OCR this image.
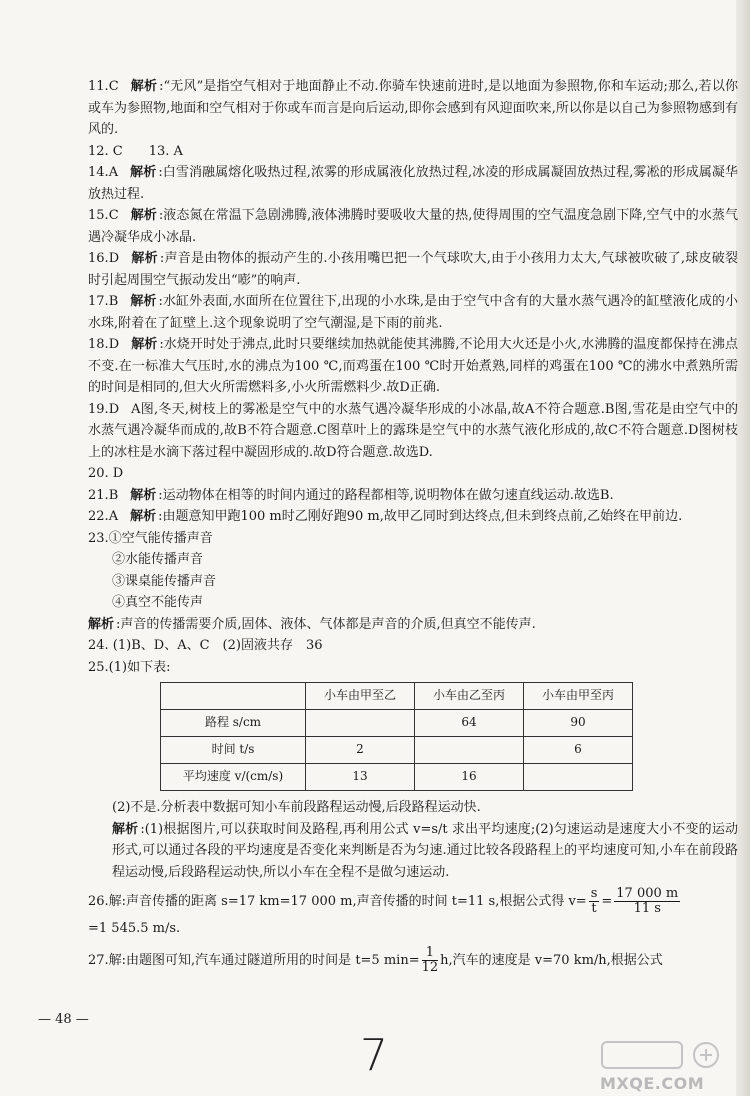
11.C 解析 :“无风”是指空气相对于地面静止不动.你骑车快速前进时,是以地面为参照物,你和车运动;那么,若以你或车为参照物,地面和空气相对于你或车而言是向后运动,即你会感到有风迎面吹来,所以你是以自己为参照物感到有风的.

12. C　　13. A

14.A 解析 :白雪消融属熔化吸热过程,浓雾的形成属液化放热过程,冰凌的形成属凝固放热过程,雾凇的形成属凝华放热过程.

15.C 解析 :液态氮在常温下急剧沸腾,液体沸腾时要吸收大量的热,使得周围的空气温度急剧下降,空气中的水蒸气遇冷凝华成小冰晶.

16.D 解析 :声音是由物体的振动产生的.小孩用嘴巴把一个气球吹大,由于小孩用力太大,气球被吹破了,球皮破裂时引起周围空气振动发出“嘭”的响声.

17.B 解析 :水缸外表面,水面所在位置往下,出现的小水珠,是由于空气中含有的大量水蒸气遇冷的缸壁液化成的小水珠,附着在了缸壁上.这个现象说明了空气潮湿,是下雨的前兆.

18.D 解析 :水烧开时处于沸点,此时只要继续加热就能使其沸腾,不论用大火还是小火,水沸腾的温度都保持在沸点不变.在一标准大气压时,水的沸点为100 ℃,而鸡蛋在100 ℃时开始煮熟,同样的鸡蛋在100 ℃的沸水中煮熟所需的时间是相同的,但大火所需燃料多,小火所需燃料少.故D正确.

19.D A图,冬天,树枝上的雾凇是空气中的水蒸气遇冷凝华形成的小冰晶,故A不符合题意.B图,雪花是由空气中的水蒸气遇冷凝华而成的,故B不符合题意.C图草叶上的露珠是空气中的水蒸气液化形成的,故C不符合题意.D图树枝上的冰柱是水滴下落过程中凝固形成的.故D符合题意.故选D.

20. D

21.B 解析 :运动物体在相等的时间内通过的路程都相等,说明物体在做匀速直线运动.故选B.

22.A 解析 :由题意知甲跑100 m时乙刚好跑90 m,故甲乙同时到达终点,但未到终点前,乙始终在甲前边.

23.①空气能传播声音
②水能传播声音
③课桌能传播声音
④真空不能传声
解析 :声音的传播需要介质,固体、液体、气体都是声音的介质,但真空不能传声.

24. (1)B、D、A、C　(2)固液共存　36

25.(1)如下表:
	小车由甲至乙	小车由乙至丙	小车由甲至丙
路程 s/cm		64	90
时间 t/s	2		6
平均速度 v/(cm/s)	13	16	
(2)不是.分析表中数据可知小车前段路程运动慢,后段路程运动快.
解析 :(1)根据图片,可以获取时间及路程,再利用公式 v=s/t 求出平均速度;(2)匀速运动是速度大小不变的运动形式,可以通过各段的平均速度是否变化来判断是否为匀速.通过比较各段路程上的平均速度可知,小车在前段路程运动慢,后段路程运动快,所以小车在全程不是做匀速运动.
26.解:声音传播的距离 s=17 km=17 000 m,声音传播的时间 t=11 s,根据公式得 $v= \frac{s}{t} = \frac{17 000 m}{11 s}$
=1 545.5 m/s.
27.解:由题图可知,汽车通过隧道所用的时间是 t=5 $\min= \frac{1}{12} h$,汽车的速度是 v=70 km/h,根据公式
— 48 —
7
MXQE.COM
